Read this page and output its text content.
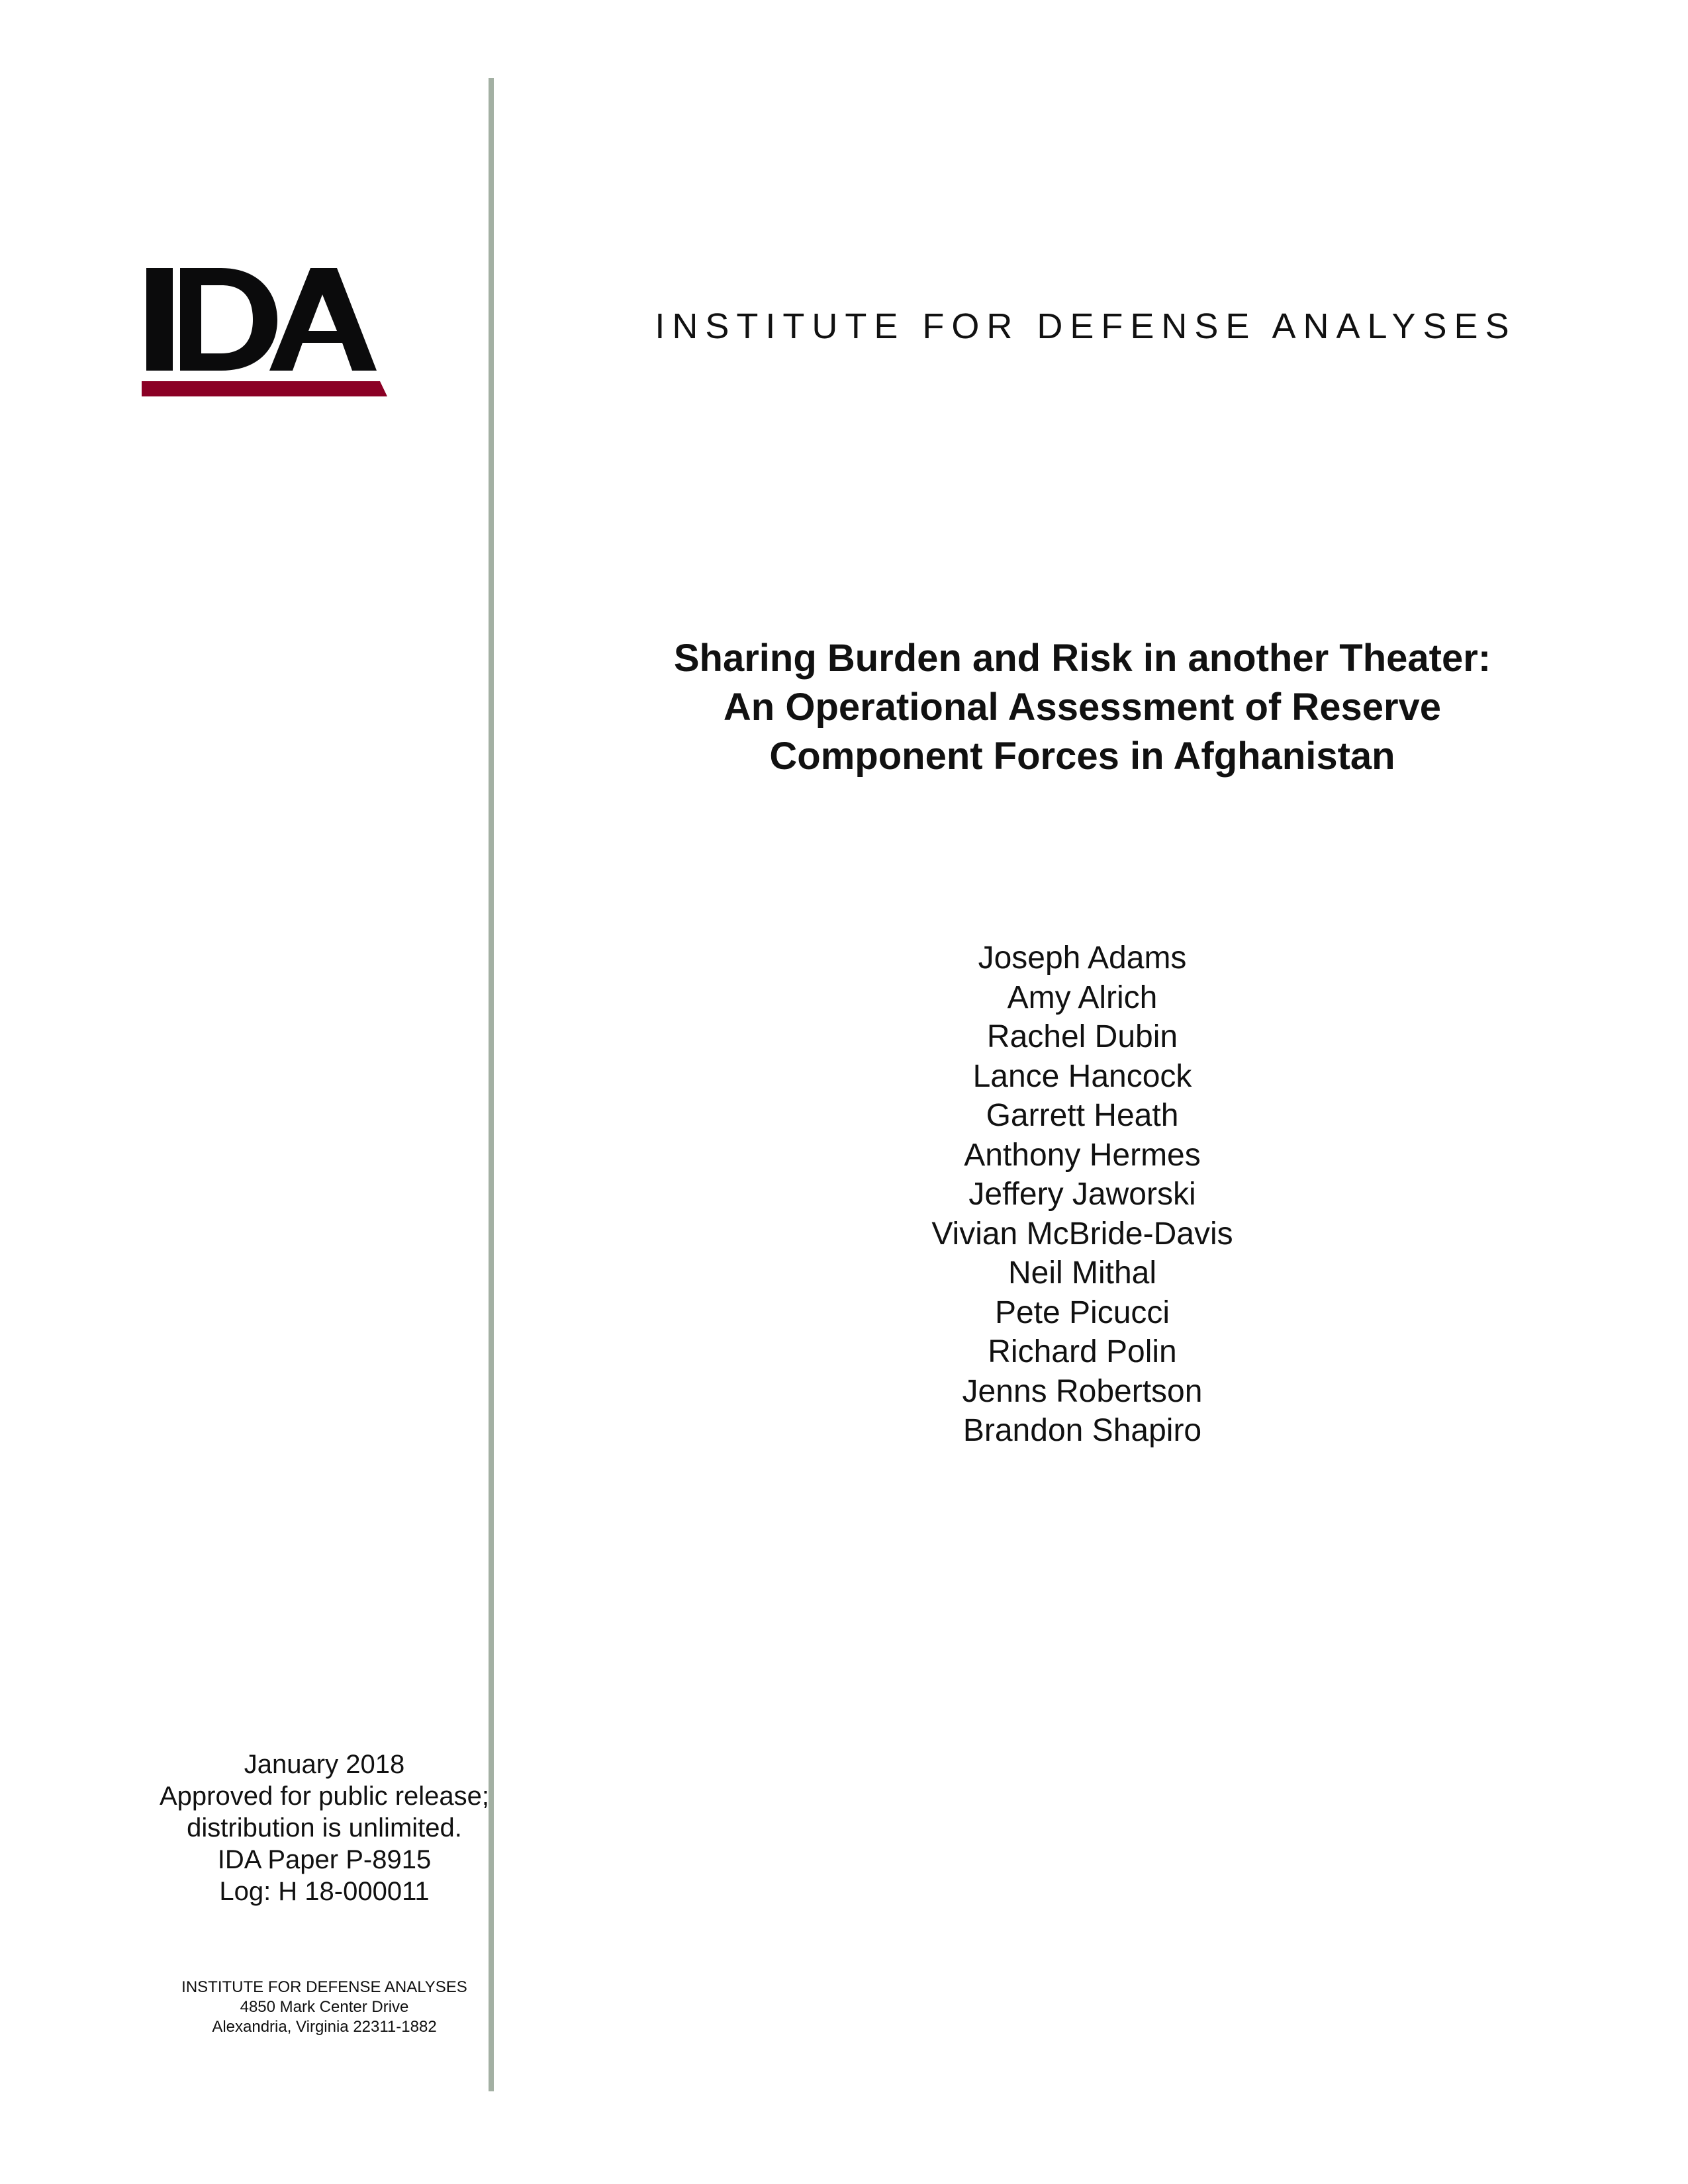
INSTITUTE FOR DEFENSE ANALYSES
Sharing Burden and Risk in another Theater:
An Operational Assessment of Reserve
Component Forces in Afghanistan
Joseph Adams
Amy Alrich
Rachel Dubin
Lance Hancock
Garrett Heath
Anthony Hermes
Jeffery Jaworski
Vivian McBride-Davis
Neil Mithal
Pete Picucci
Richard Polin
Jenns Robertson
Brandon Shapiro
January 2018
Approved for public release;
distribution is unlimited.
IDA Paper P-8915
Log: H 18-000011
INSTITUTE FOR DEFENSE ANALYSES
4850 Mark Center Drive
Alexandria, Virginia 22311-1882
